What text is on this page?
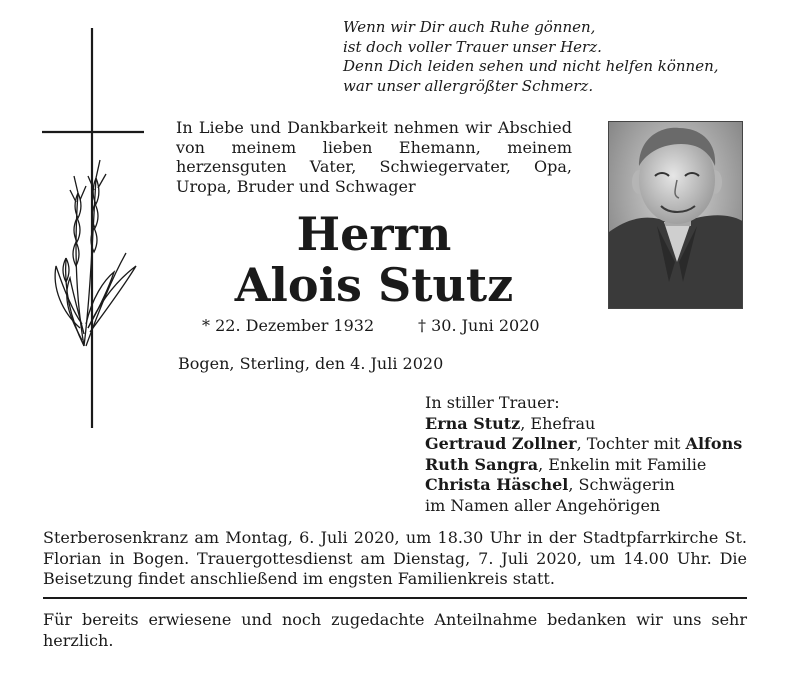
Wenn wir Dir auch Ruhe gönnen,
ist doch voller Trauer unser Herz.
Denn Dich leiden sehen und nicht helfen können,
war unser allergrößter Schmerz.
In Liebe und Dankbarkeit nehmen wir Abschied von meinem lieben Ehemann, meinem herzensguten Vater, Schwiegervater, Opa, Uropa, Bruder und Schwager
Herrn
Alois Stutz
* 22. Dezember 1932	† 30. Juni 2020
Bogen, Sterling, den 4. Juli 2020
In stiller Trauer:
Erna Stutz, Ehefrau
Gertraud Zollner, Tochter mit Alfons
Ruth Sangra, Enkelin mit Familie
Christa Häschel, Schwägerin
im Namen aller Angehörigen
Sterberosenkranz am Montag, 6. Juli 2020, um 18.30 Uhr in der Stadtpfarrkirche St. Florian in Bogen. Trauergottesdienst am Dienstag, 7. Juli 2020, um 14.00 Uhr. Die Beisetzung findet anschließend im engsten Familienkreis statt.
Für bereits erwiesene und noch zugedachte Anteilnahme bedanken wir uns sehr herzlich.
